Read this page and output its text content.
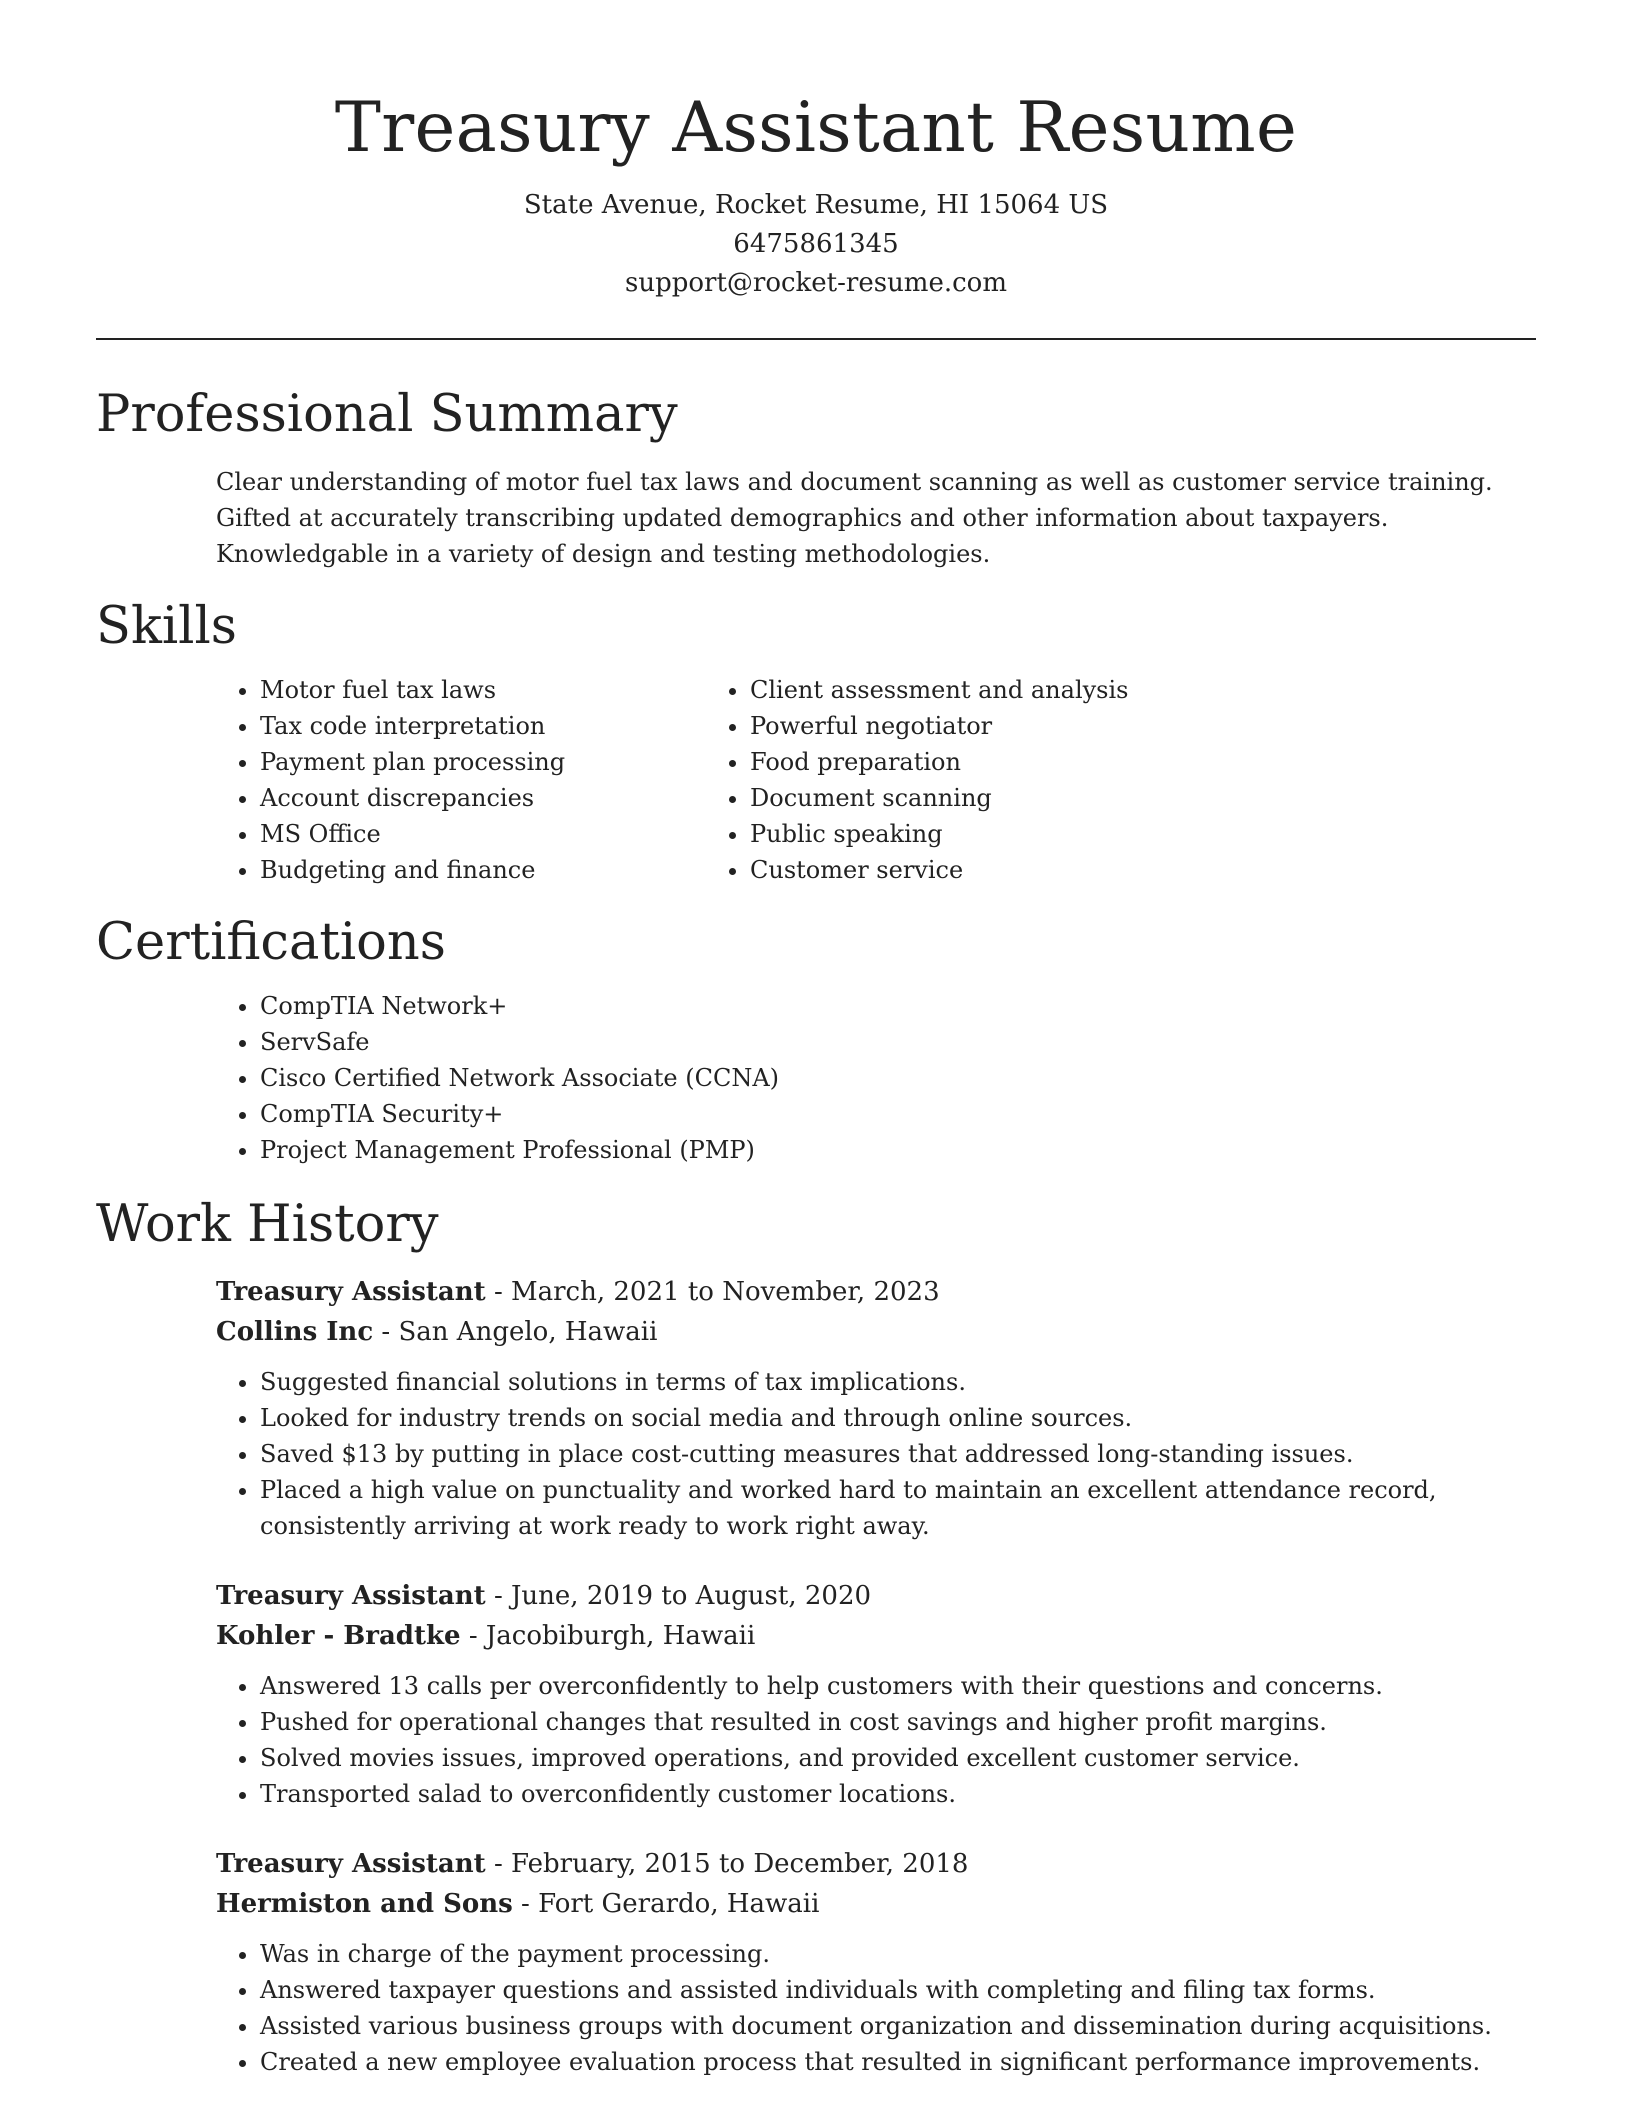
Treasury Assistant Resume
State Avenue, Rocket Resume, HI 15064 US
6475861345
support@rocket-resume.com
Professional Summary
Clear understanding of motor fuel tax laws and document scanning as well as customer service training. Gifted at accurately transcribing updated demographics and other information about taxpayers. Knowledgable in a variety of design and testing methodologies.
Skills
• Motor fuel tax laws
• Tax code interpretation
• Payment plan processing
• Account discrepancies
• MS Office
• Budgeting and finance
• Client assessment and analysis
• Powerful negotiator
• Food preparation
• Document scanning
• Public speaking
• Customer service
Certifications
• CompTIA Network+
• ServSafe
• Cisco Certified Network Associate (CCNA)
• CompTIA Security+
• Project Management Professional (PMP)
Work History
Treasury Assistant - March, 2021 to November, 2023
Collins Inc - San Angelo, Hawaii
• Suggested financial solutions in terms of tax implications.
• Looked for industry trends on social media and through online sources.
• Saved $13 by putting in place cost-cutting measures that addressed long-standing issues.
• Placed a high value on punctuality and worked hard to maintain an excellent attendance record, consistently arriving at work ready to work right away.
Treasury Assistant - June, 2019 to August, 2020
Kohler - Bradtke - Jacobiburgh, Hawaii
• Answered 13 calls per overconfidently to help customers with their questions and concerns.
• Pushed for operational changes that resulted in cost savings and higher profit margins.
• Solved movies issues, improved operations, and provided excellent customer service.
• Transported salad to overconfidently customer locations.
Treasury Assistant - February, 2015 to December, 2018
Hermiston and Sons - Fort Gerardo, Hawaii
• Was in charge of the payment processing.
• Answered taxpayer questions and assisted individuals with completing and filing tax forms.
• Assisted various business groups with document organization and dissemination during acquisitions.
• Created a new employee evaluation process that resulted in significant performance improvements.
